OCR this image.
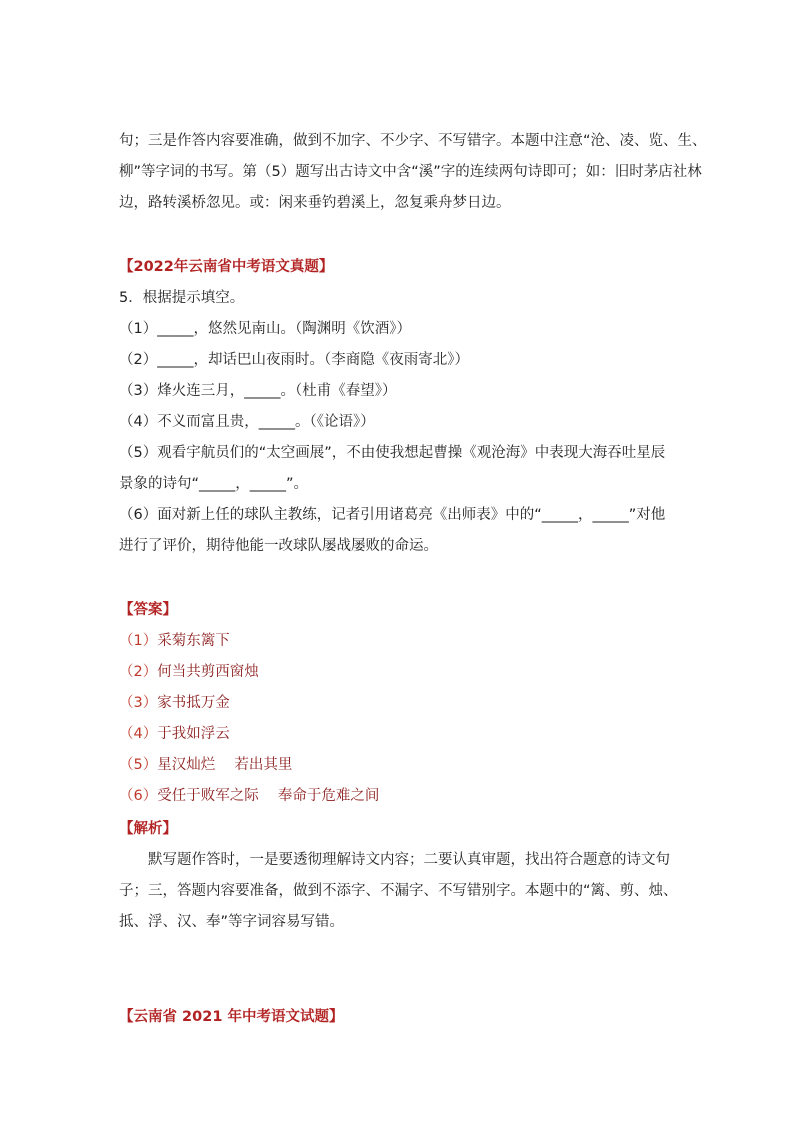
句；三是作答内容要准确，做到不加字、不少字、不写错字。本题中注意“沧、凌、览、生、
柳”等字词的书写。第（5）题写出古诗文中含“溪”字的连续两句诗即可；如：旧时茅店社林
边，路转溪桥忽见。或：闲来垂钓碧溪上，忽复乘舟梦日边。
【2022年云南省中考语文真题】
5．根据提示填空。
（1）_____，悠然见南山。（陶渊明《饮酒》）
（2）_____，却话巴山夜雨时。（李商隐《夜雨寄北》）
（3）烽火连三月，_____。（杜甫《春望》）
（4）不义而富且贵，_____。（《论语》）
（5）观看宇航员们的“太空画展”，不由使我想起曹操《观沧海》中表现大海吞吐星辰
景象的诗句“_____，_____”。
（6）面对新上任的球队主教练，记者引用诸葛亮《出师表》中的“_____，_____”对他
进行了评价，期待他能一改球队屡战屡败的命运。
【答案】
（1）采菊东篱下
（2）何当共剪西窗烛
（3）家书抵万金
（4）于我如浮云
（5）星汉灿烂　 若出其里
（6）受任于败军之际　 奉命于危难之间
【解析】
默写题作答时，一是要透彻理解诗文内容；二要认真审题，找出符合题意的诗文句
子；三，答题内容要准备，做到不添字、不漏字、不写错别字。本题中的“篱、剪、烛、
抵、浮、汉、奉”等字词容易写错。
【云南省 2021 年中考语文试题】
